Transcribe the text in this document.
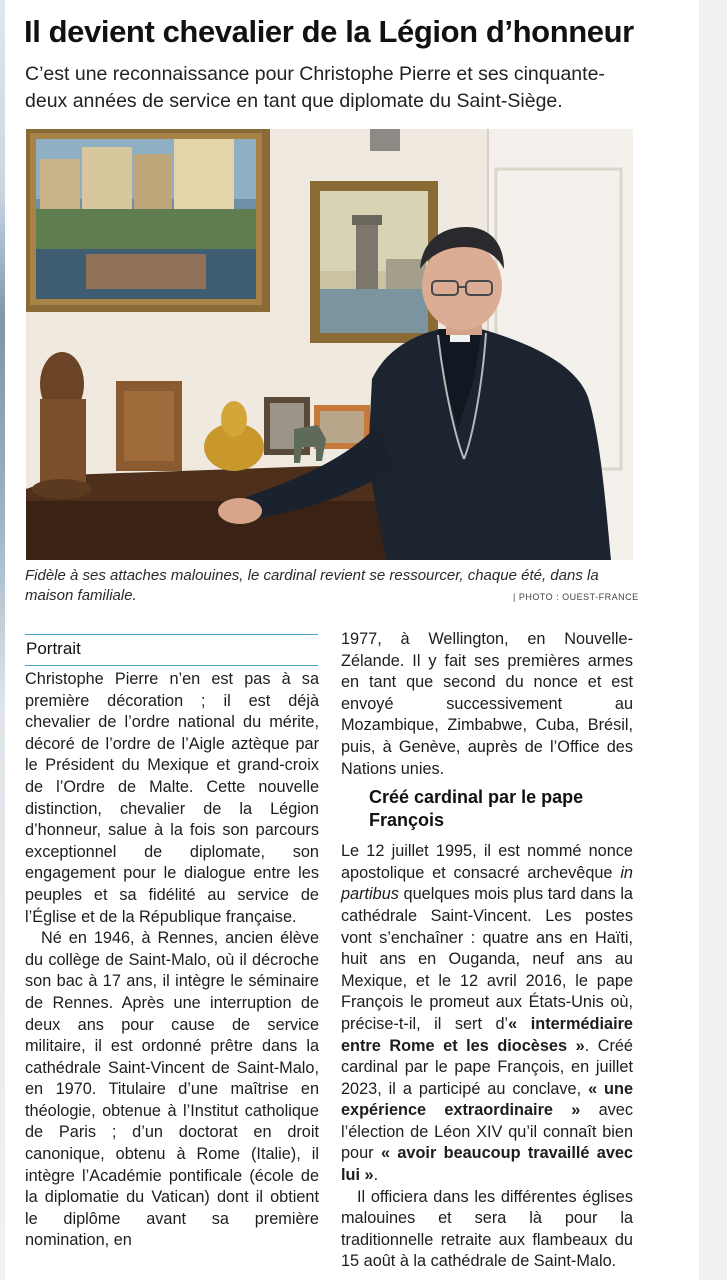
Il devient chevalier de la Légion d’honneur

C’est une reconnaissance pour Christophe Pierre et ses cinquante-deux années de service en tant que diplomate du Saint-Siège.

Fidèle à ses attaches malouines, le cardinal revient se ressourcer, chaque été, dans la maison familiale.	| PHOTO : OUEST-FRANCE
Portrait

Christophe Pierre n’en est pas à sa première décoration ; il est déjà chevalier de l’ordre national du mérite, décoré de l’ordre de l’Aigle aztèque par le Président du Mexique et grand-croix de l’Ordre de Malte. Cette nouvelle distinction, chevalier de la Légion d’honneur, salue à la fois son parcours exceptionnel de diplomate, son engagement pour le dialogue entre les peuples et sa fidélité au service de l’Église et de la République française.

Né en 1946, à Rennes, ancien élève du collège de Saint-Malo, où il décroche son bac à 17 ans, il intègre le séminaire de Rennes. Après une interruption de deux ans pour cause de service militaire, il est ordonné prêtre dans la cathédrale Saint-Vincent de Saint-Malo, en 1970. Titulaire d’une maîtrise en théologie, obtenue à l’Institut catholique de Paris ; d’un doctorat en droit canonique, obtenu à Rome (Italie), il intègre l’Académie pontificale (école de la diplomatie du Vatican) dont il obtient le diplôme avant sa première nomination, en

1977, à Wellington, en Nouvelle-Zélande. Il y fait ses premières armes en tant que second du nonce et est envoyé successivement au Mozambique, Zimbabwe, Cuba, Brésil, puis, à Genève, auprès de l’Office des Nations unies.

Créé cardinal par le pape François

Le 12 juillet 1995, il est nommé nonce apostolique et consacré archevêque in partibus quelques mois plus tard dans la cathédrale Saint-Vincent. Les postes vont s’enchaîner : quatre ans en Haïti, huit ans en Ouganda, neuf ans au Mexique, et le 12 avril 2016, le pape François le promeut aux États-Unis où, précise-t-il, il sert d’« intermédiaire entre Rome et les diocèses ». Créé cardinal par le pape François, en juillet 2023, il a participé au conclave, « une expérience extraordinaire » avec l’élection de Léon XIV qu’il connaît bien pour « avoir beaucoup travaillé avec lui ».

Il officiera dans les différentes églises malouines et sera là pour la traditionnelle retraite aux flambeaux du 15 août à la cathédrale de Saint-Malo.
